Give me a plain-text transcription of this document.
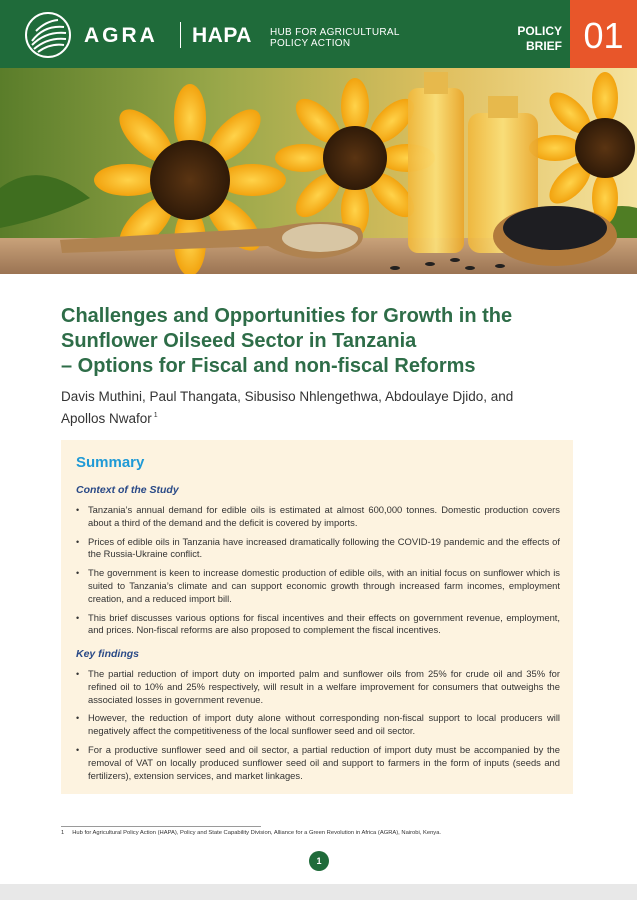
AGRA HAPA HUB FOR AGRICULTURAL
POLICY ACTION
POLICY
BRIEF 01
Challenges and Opportunities for Growth in the
Sunflower Oilseed Sector in Tanzania
– Options for Fiscal and non-fiscal Reforms
Davis Muthini, Paul Thangata, Sibusiso Nhlengethwa, Abdoulaye Djido, and
Apollos Nwafor $^1$
Summary
Context of the Study
• Tanzania’s annual demand for edible oils is estimated at almost 600,000 tonnes. Domestic production covers about a third of the demand and the deficit is covered by imports.
• Prices of edible oils in Tanzania have increased dramatically following the COVID-19 pandemic and the effects of the Russia-Ukraine conflict.
• The government is keen to increase domestic production of edible oils, with an initial focus on sunflower which is suited to Tanzania’s climate and can support economic growth through increased farm incomes, employment creation, and a reduced import bill.
• This brief discusses various options for fiscal incentives and their effects on government revenue, employment, and prices. Non-fiscal reforms are also proposed to complement the fiscal incentives.
Key findings
• The partial reduction of import duty on imported palm and sunflower oils from 25% for crude oil and 35% for refined oil to 10% and 25% respectively, will result in a welfare improvement for consumers that outweighs the associated losses in government revenue.
• However, the reduction of import duty alone without corresponding non-fiscal support to local producers will negatively affect the competitiveness of the local sunflower seed and oil sector.
• For a productive sunflower seed and oil sector, a partial reduction of import duty must be accompanied by the removal of VAT on locally produced sunflower seed oil and support to farmers in the form of inputs (seeds and fertilizers), extension services, and market linkages.

1 Hub for Agricultural Policy Action (HAPA), Policy and State Capability Division, Alliance for a Green Revolution in Africa (AGRA), Nairobi, Kenya.

1
